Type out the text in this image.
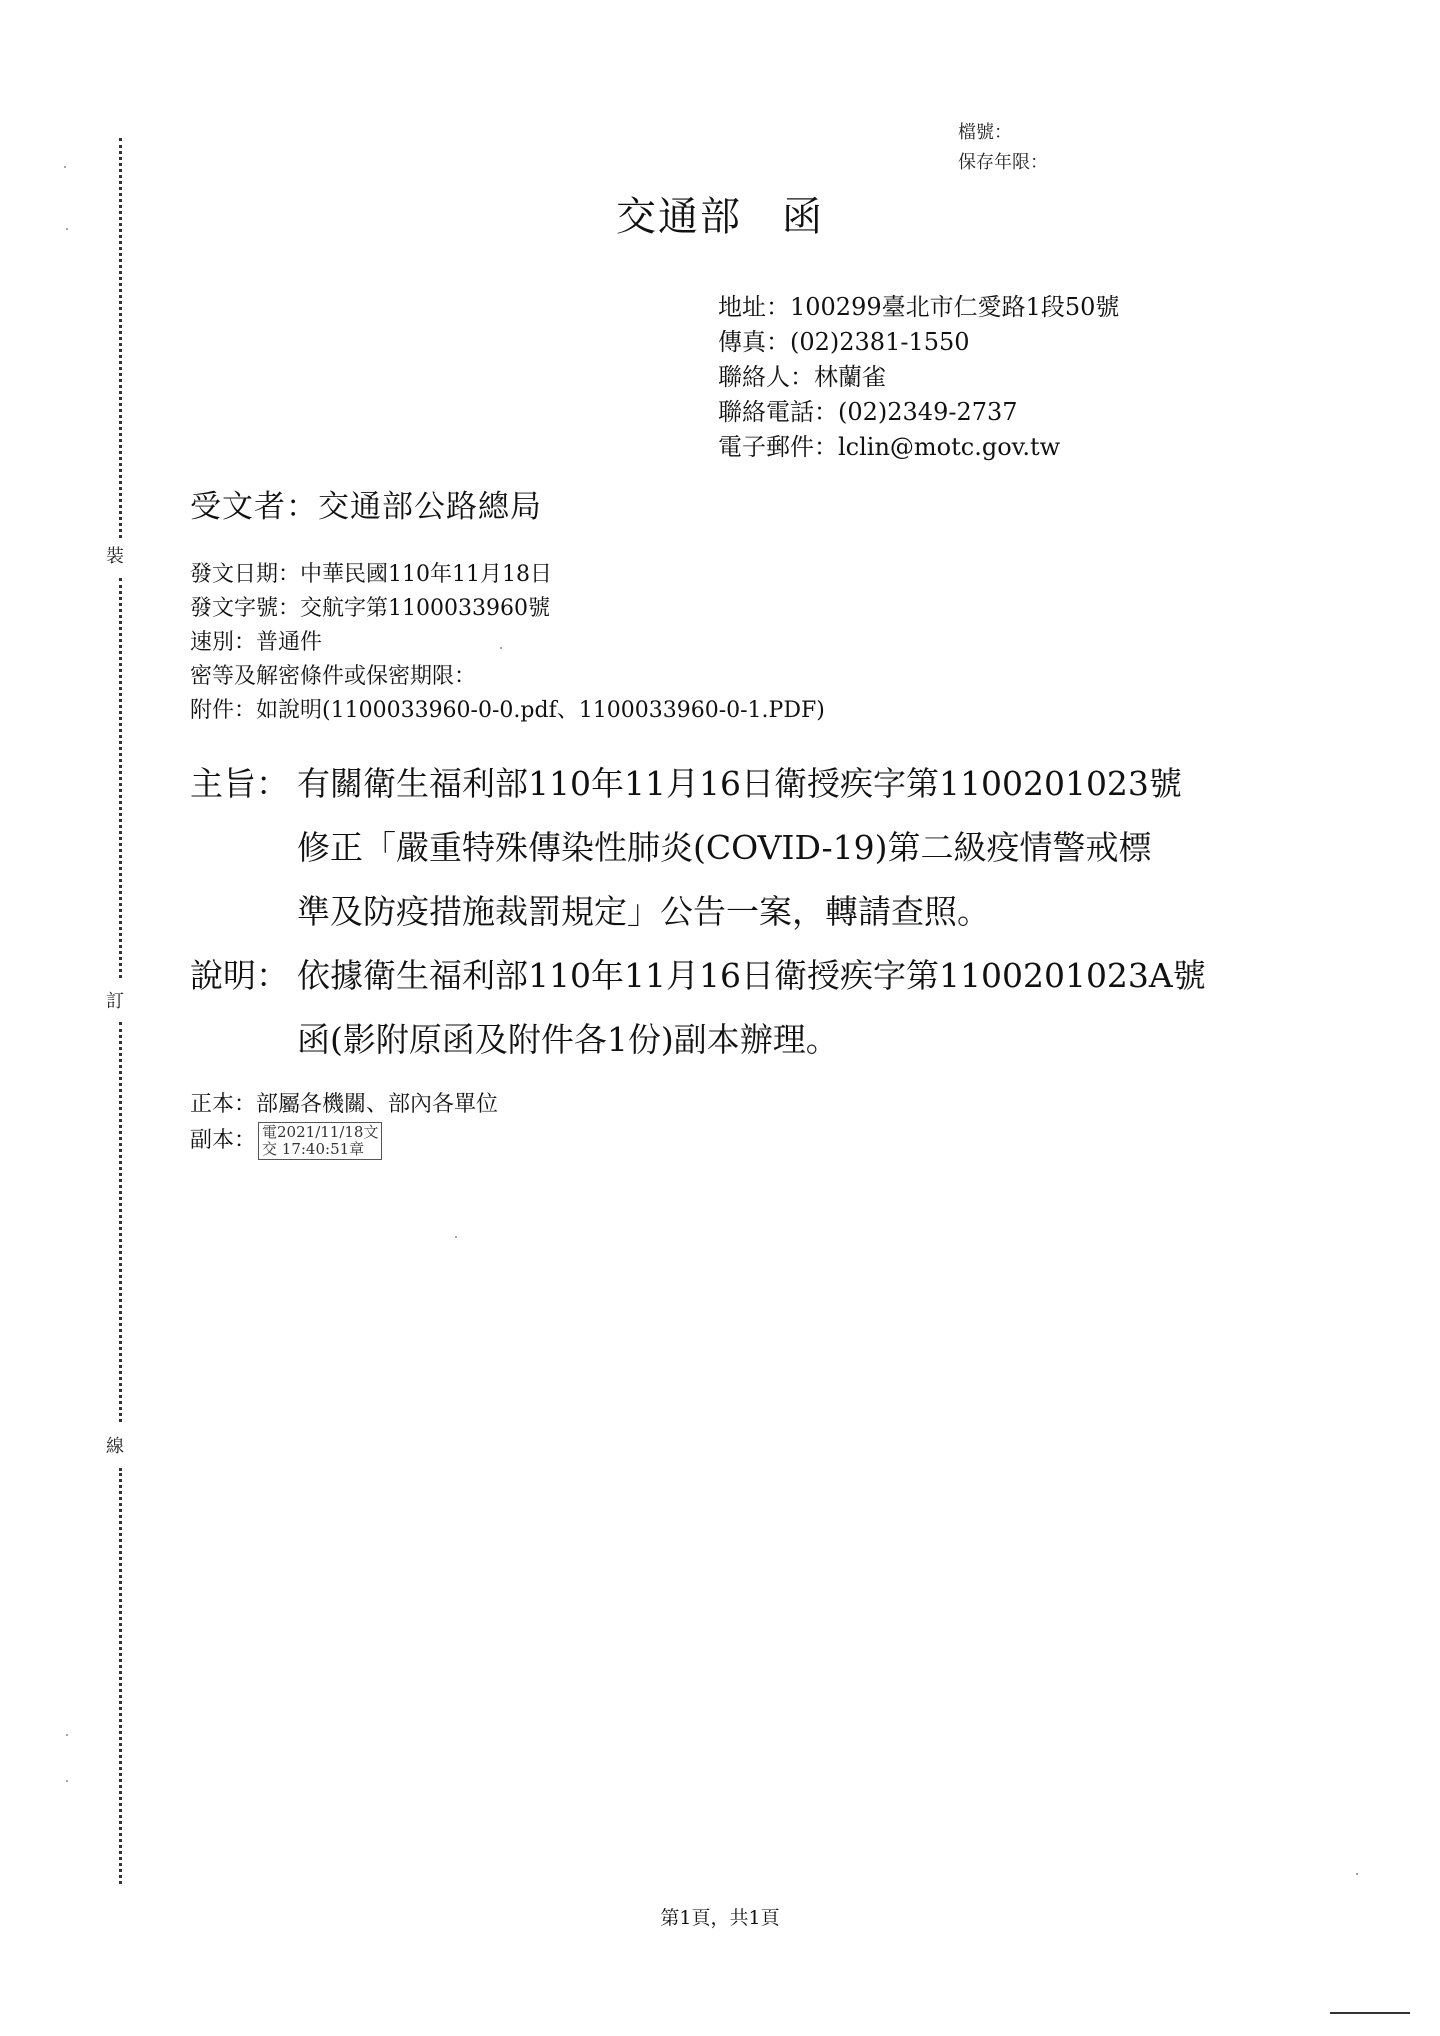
裝
訂
線
檔號：
保存年限：
交通部 函
地址：100299臺北市仁愛路1段50號
傳真：(02)2381-1550
聯絡人：林蘭雀
聯絡電話：(02)2349-2737
電子郵件：lclin@motc.gov.tw
受文者：交通部公路總局
發文日期：中華民國110年11月18日
發文字號：交航字第1100033960號
速別：普通件
密等及解密條件或保密期限：
附件：如說明(1100033960-0-0.pdf、1100033960-0-1.PDF)
主旨： 有關衛生福利部110年11月16日衛授疾字第1100201023號
修正「嚴重特殊傳染性肺炎(COVID-19)第二級疫情警戒標
準及防疫措施裁罰規定」公告一案，轉請查照。
說明： 依據衛生福利部110年11月16日衛授疾字第1100201023A號
函(影附原函及附件各1份)副本辦理。
正本：部屬各機關、部內各單位
副本： 電2021/11/18文
交 17:40:51章
第1頁，共1頁
